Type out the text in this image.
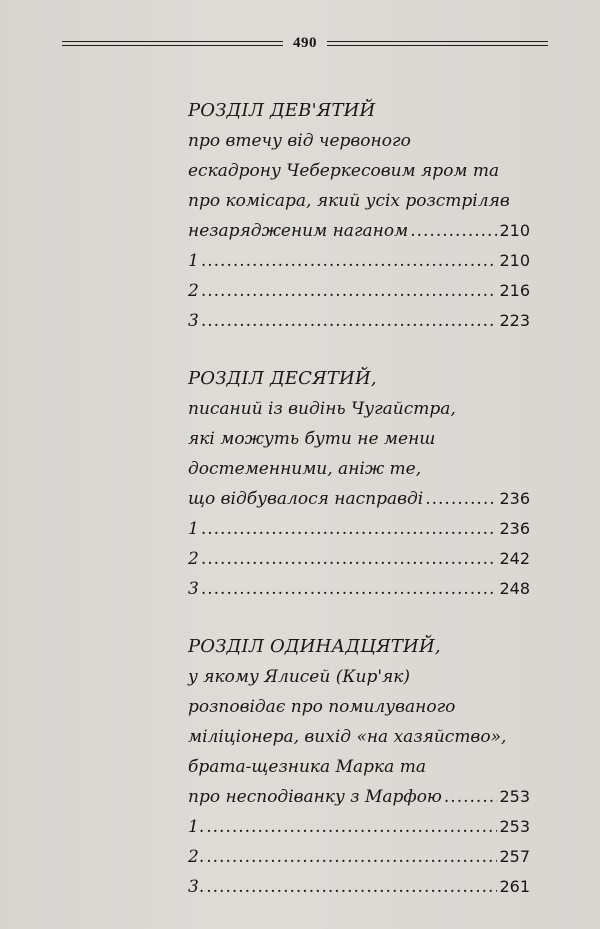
490
РОЗДІЛ ДЕВ'ЯТИЙ
про втечу від червоного
ескадрону Чеберкесовим яром та
про комісара, який усіх розстріляв
незарядженим наганом .....	210
1 .....	210
2 .....	216
3 .....	223
РОЗДІЛ ДЕСЯТИЙ,
писаний із видінь Чугайстра,
які можуть бути не менш
достеменними, аніж те,
що відбувалося насправді .....	236
1 .....	236
2 .....	242
3 .....	248
РОЗДІЛ ОДИНАДЦЯТИЙ,
у якому Ялисей (Кир'як)
розповідає про помилуваного
міліціонера, вихід «на хазяйство»,
брата-щезника Марка та
про несподіванку з Марфою .....	253
1. .....	253
2. .....	257
3. .....	261
